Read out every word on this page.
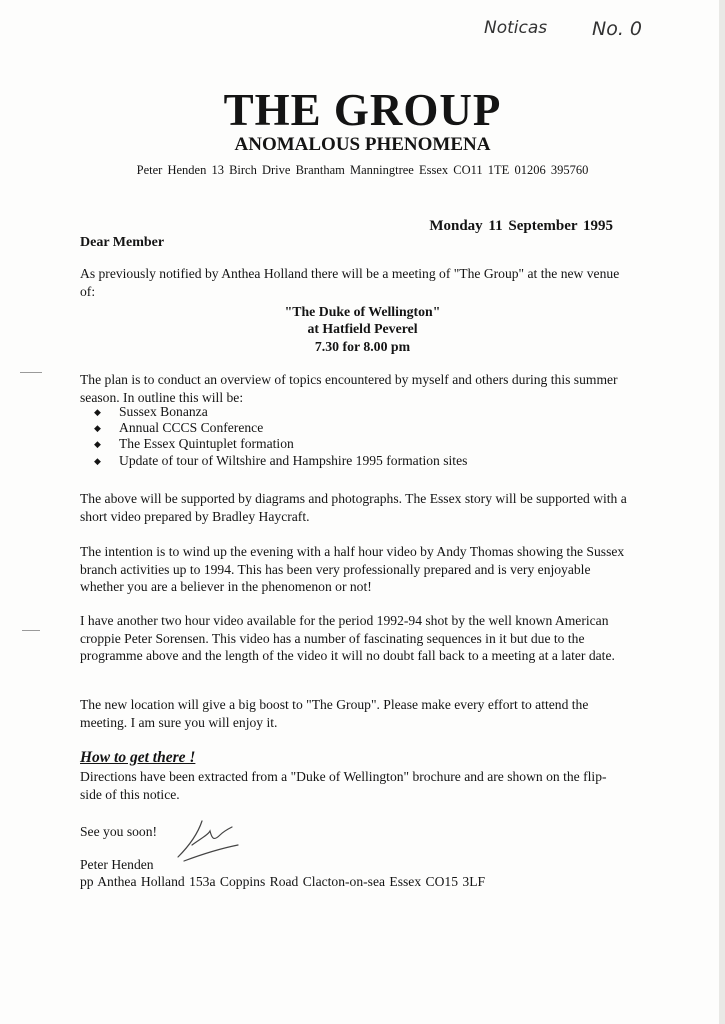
Noticas No. 0
THE GROUP
ANOMALOUS PHENOMENA
Peter Henden 13 Birch Drive Brantham Manningtree Essex CO11 1TE 01206 395760
Monday 11 September 1995
Dear Member

As previously notified by Anthea Holland there will be a meeting of "The Group" at the new venue of:

"The Duke of Wellington"
at Hatfield Peverel
7.30 for 8.00 pm

The plan is to conduct an overview of topics encountered by myself and others during this summer season. In outline this will be:

◆ Sussex Bonanza
◆ Annual CCCS Conference
◆ The Essex Quintuplet formation
◆ Update of tour of Wiltshire and Hampshire 1995 formation sites

The above will be supported by diagrams and photographs. The Essex story will be supported with a short video prepared by Bradley Haycraft.

The intention is to wind up the evening with a half hour video by Andy Thomas showing the Sussex branch activities up to 1994. This has been very professionally prepared and is very enjoyable whether you are a believer in the phenomenon or not!

I have another two hour video available for the period 1992-94 shot by the well known American croppie Peter Sorensen. This video has a number of fascinating sequences in it but due to the programme above and the length of the video it will no doubt fall back to a meeting at a later date.

The new location will give a big boost to "The Group". Please make every effort to attend the meeting. I am sure you will enjoy it.

How to get there !

Directions have been extracted from a "Duke of Wellington" brochure and are shown on the flip-side of this notice.

See you soon!
Peter Henden
pp Anthea Holland 153a Coppins Road Clacton-on-sea Essex CO15 3LF
